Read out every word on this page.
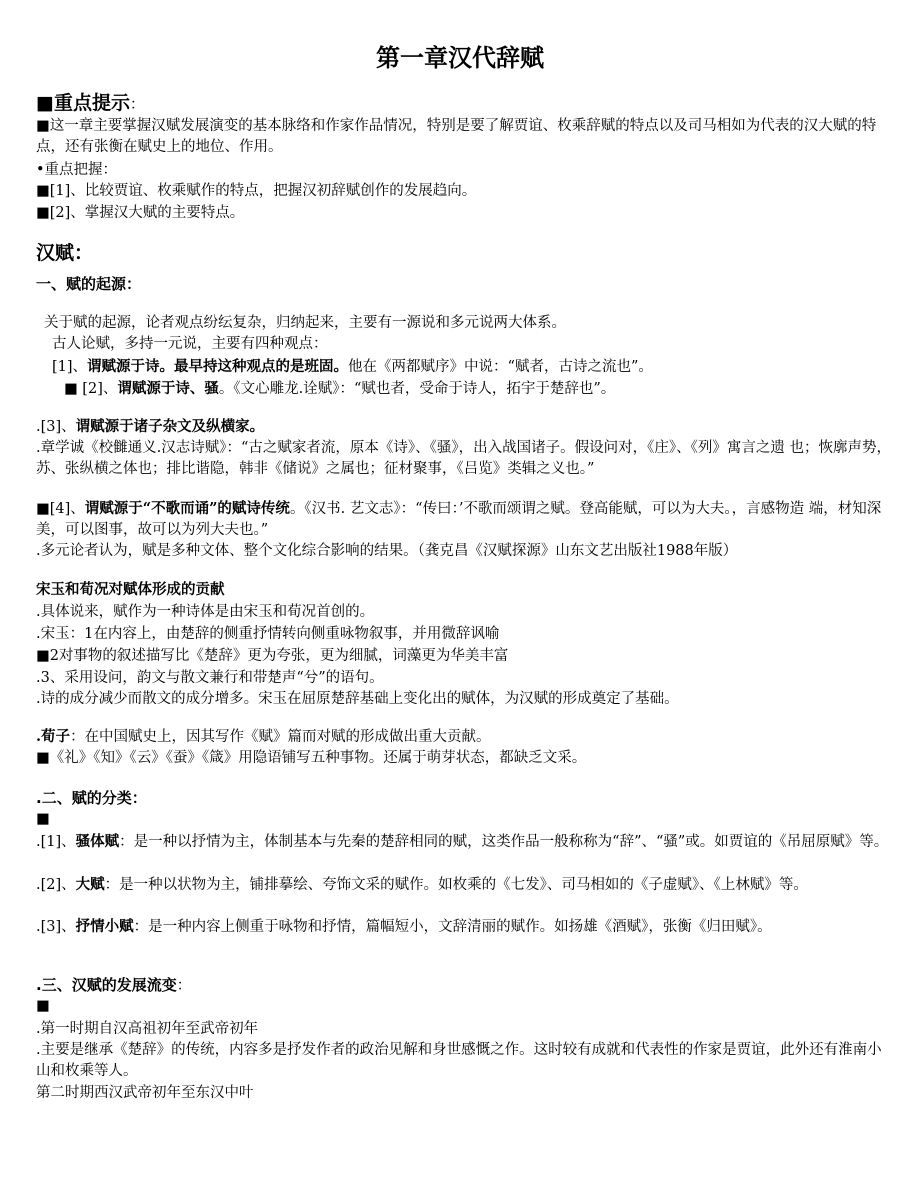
第一章汉代辞赋
■重点提示：
■这一章主要掌握汉赋发展演变的基本脉络和作家作品情况，特别是要了解贾谊、枚乘辞赋的特点以及司马相如为代表的汉大赋的特点，还有张衡在赋史上的地位、作用。
•重点把握：
■[1]、比较贾谊、枚乘赋作的特点，把握汉初辞赋创作的发展趋向。
■[2]、掌握汉大赋的主要特点。
汉赋：
一、赋的起源：
关于赋的起源，论者观点纷纭复杂，归纳起来，主要有一源说和多元说两大体系。
古人论赋，多持一元说，主要有四种观点：
[1]、谓赋源于诗。最早持这种观点的是班固。他在《两都赋序》中说：“赋者，古诗之流也”。
■ [2]、谓赋源于诗、骚。《文心雕龙.诠赋》：“赋也者，受命于诗人，拓宇于楚辞也”。
.[3]、谓赋源于诸子杂文及纵横家。
.章学诚《校雠通义.汉志诗赋》：“古之赋家者流，原本《诗》、《骚》，出入战国诸子。假设问对，《庄》、《列》寓言之遗 也；恢廓声势，苏、张纵横之体也；排比谐隐，韩非《储说》之属也；征材聚事，《吕览》类辑之义也。”
■[4]、谓赋源于“不歌而诵”的赋诗传统。《汉书. 艺文志》：“传曰：’不歌而颂谓之赋。登高能赋，可以为大夫。，言感物造 端，材知深美，可以图事，故可以为列大夫也。”
.多元论者认为，赋是多种文体、整个文化综合影响的结果。（龚克昌《汉赋探源》山东文艺出版社1988年版）
宋玉和荀况对赋体形成的贡献
.具体说来，赋作为一种诗体是由宋玉和荀况首创的。
.宋玉：1在内容上，由楚辞的侧重抒情转向侧重咏物叙事，并用微辞讽喻
■2对事物的叙述描写比《楚辞》更为夸张，更为细腻，词藻更为华美丰富
.3、采用设问，韵文与散文兼行和带楚声“兮”的语句。
.诗的成分减少而散文的成分增多。宋玉在屈原楚辞基础上变化出的赋体，为汉赋的形成奠定了基础。
.荀子：在中国赋史上，因其写作《赋》篇而对赋的形成做出重大贡献。
■《礼》《知》《云》《蚕》《箴》用隐语铺写五种事物。还属于萌芽状态，都缺乏文采。
.二、赋的分类：
■
.[1]、骚体赋：是一种以抒情为主，体制基本与先秦的楚辞相同的赋，这类作品一般称称为“辞”、“骚”或。如贾谊的《吊屈原赋》等。
.[2]、大赋：是一种以状物为主，铺排摹绘、夸饰文采的赋作。如枚乘的《七发》、司马相如的《子虚赋》、《上林赋》等。
.[3]、抒情小赋：是一种内容上侧重于咏物和抒情，篇幅短小，文辞清丽的赋作。如扬雄《酒赋》，张衡《归田赋》。
.三、汉赋的发展流变：
■
.第一时期自汉高祖初年至武帝初年
.主要是继承《楚辞》的传统，内容多是抒发作者的政治见解和身世感慨之作。这时较有成就和代表性的作家是贾谊，此外还有淮南小山和枚乘等人。
第二时期西汉武帝初年至东汉中叶
